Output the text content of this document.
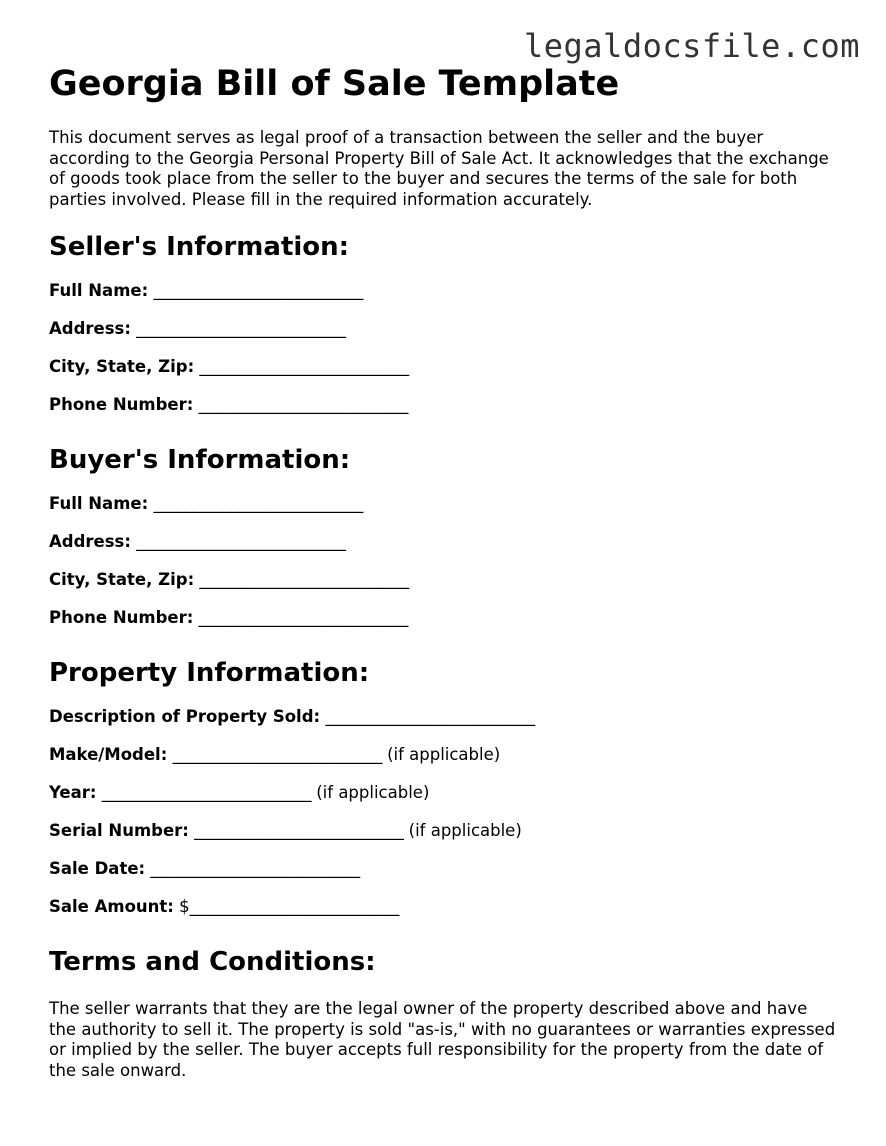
legaldocsfile.com
Georgia Bill of Sale Template

This document serves as legal proof of a transaction between the seller and the buyer according to the Georgia Personal Property Bill of Sale Act. It acknowledges that the exchange of goods took place from the seller to the buyer and secures the terms of the sale for both parties involved. Please fill in the required information accurately.

Seller's Information:
Full Name: ___________________________
Address: ___________________________
City, State, Zip: ___________________________
Phone Number: ___________________________
Buyer's Information:
Full Name: ___________________________
Address: ___________________________
City, State, Zip: ___________________________
Phone Number: ___________________________
Property Information:
Description of Property Sold: ___________________________
Make/Model: ___________________________ (if applicable)
Year: ___________________________ (if applicable)
Serial Number: ___________________________ (if applicable)
Sale Date: ___________________________
Sale Amount: $___________________________
Terms and Conditions:

The seller warrants that they are the legal owner of the property described above and have the authority to sell it. The property is sold "as-is," with no guarantees or warranties expressed or implied by the seller. The buyer accepts full responsibility for the property from the date of the sale onward.
